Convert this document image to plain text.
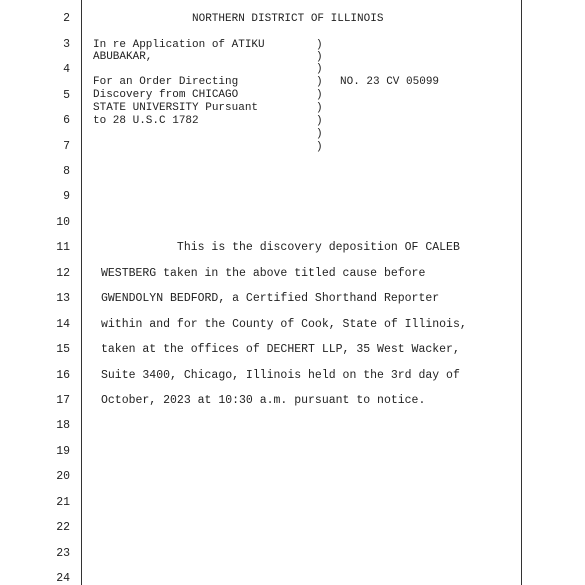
2
3
4
5
6
7
8
9
10
11
12
13
14
15
16
17
18
19
20
21
22
23
24
NORTHERN DISTRICT OF ILLINOIS
In re Application of ATIKU
ABUBAKAR,
For an Order Directing
Discovery from CHICAGO
STATE UNIVERSITY Pursuant
to 28 U.S.C 1782
)
)
)
)
)
)
)
)
)
NO. 23 CV 05099
This is the discovery deposition OF CALEB
WESTBERG taken in the above titled cause before
GWENDOLYN BEDFORD, a Certified Shorthand Reporter
within and for the County of Cook, State of Illinois,
taken at the offices of DECHERT LLP, 35 West Wacker,
Suite 3400, Chicago, Illinois held on the 3rd day of
October, 2023 at 10:30 a.m. pursuant to notice.
